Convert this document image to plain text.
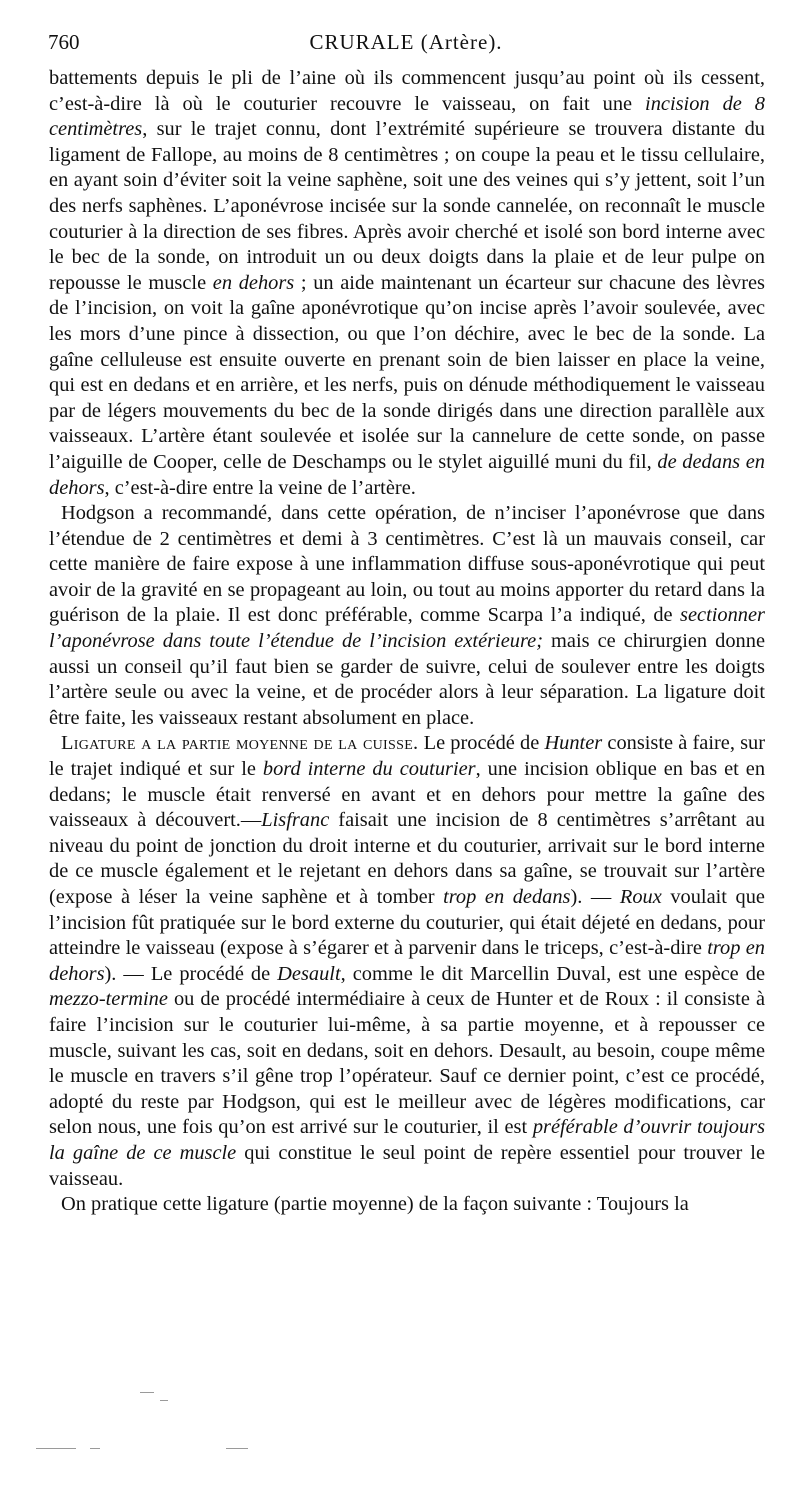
760	CRURALE (Artère).

battements depuis le pli de l’aine où ils commencent jusqu’au point où ils cessent, c’est-à-dire là où le couturier recouvre le vaisseau, on fait une incision de 8 centimètres, sur le trajet connu, dont l’extrémité supérieure se trouvera distante du ligament de Fallope, au moins de 8 centimètres ; on coupe la peau et le tissu cellulaire, en ayant soin d’éviter soit la veine saphène, soit une des veines qui s’y jettent, soit l’un des nerfs saphènes. L’aponévrose incisée sur la sonde cannelée, on reconnaît le muscle couturier à la direction de ses fibres. Après avoir cherché et isolé son bord interne avec le bec de la sonde, on introduit un ou deux doigts dans la plaie et de leur pulpe on repousse le muscle en dehors ; un aide maintenant un écarteur sur chacune des lèvres de l’incision, on voit la gaîne aponévrotique qu’on incise après l’avoir soulevée, avec les mors d’une pince à dissection, ou que l’on déchire, avec le bec de la sonde. La gaîne celluleuse est ensuite ouverte en prenant soin de bien laisser en place la veine, qui est en dedans et en arrière, et les nerfs, puis on dénude méthodiquement le vaisseau par de légers mouvements du bec de la sonde dirigés dans une direction parallèle aux vaisseaux. L’artère étant soulevée et isolée sur la cannelure de cette sonde, on passe l’aiguille de Cooper, celle de Deschamps ou le stylet aiguillé muni du fil, de dedans en dehors, c’est-à-dire entre la veine de l’artère.

Hodgson a recommandé, dans cette opération, de n’inciser l’aponévrose que dans l’étendue de 2 centimètres et demi à 3 centimètres. C’est là un mauvais conseil, car cette manière de faire expose à une inflammation diffuse sous-aponévrotique qui peut avoir de la gravité en se propageant au loin, ou tout au moins apporter du retard dans la guérison de la plaie. Il est donc préférable, comme Scarpa l’a indiqué, de sectionner l’aponévrose dans toute l’étendue de l’incision extérieure; mais ce chirurgien donne aussi un conseil qu’il faut bien se garder de suivre, celui de soulever entre les doigts l’artère seule ou avec la veine, et de procéder alors à leur séparation. La ligature doit être faite, les vaisseaux restant absolument en place.

Ligature a la partie moyenne de la cuisse. Le procédé de Hunter consiste à faire, sur le trajet indiqué et sur le bord interne du couturier, une incision oblique en bas et en dedans; le muscle était renversé en avant et en dehors pour mettre la gaîne des vaisseaux à découvert.—Lisfranc faisait une incision de 8 centimètres s’arrêtant au niveau du point de jonction du droit interne et du couturier, arrivait sur le bord interne de ce muscle également et le rejetant en dehors dans sa gaîne, se trouvait sur l’artère (expose à léser la veine saphène et à tomber trop en dedans). — Roux voulait que l’incision fût pratiquée sur le bord externe du couturier, qui était déjeté en dedans, pour atteindre le vaisseau (expose à s’égarer et à parvenir dans le triceps, c’est-à-dire trop en dehors). — Le procédé de Desault, comme le dit Marcellin Duval, est une espèce de mezzo-termine ou de procédé intermédiaire à ceux de Hunter et de Roux : il consiste à faire l’incision sur le couturier lui-même, à sa partie moyenne, et à repousser ce muscle, suivant les cas, soit en dedans, soit en dehors. Desault, au besoin, coupe même le muscle en travers s’il gêne trop l’opérateur. Sauf ce dernier point, c’est ce procédé, adopté du reste par Hodgson, qui est le meilleur avec de légères modifications, car selon nous, une fois qu’on est arrivé sur le couturier, il est préférable d’ouvrir toujours la gaîne de ce muscle qui constitue le seul point de repère essentiel pour trouver le vaisseau.

On pratique cette ligature (partie moyenne) de la façon suivante : Toujours la
